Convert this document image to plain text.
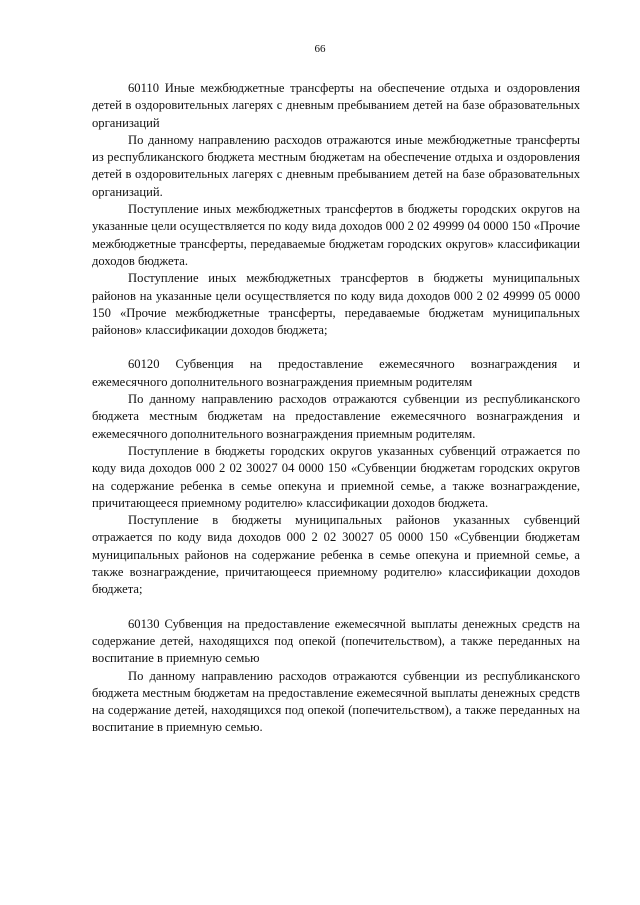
66

60110 Иные межбюджетные трансферты на обеспечение отдыха и оздоровления детей в оздоровительных лагерях с дневным пребыванием детей на базе образовательных организаций

По данному направлению расходов отражаются иные межбюджетные трансферты из республиканского бюджета местным бюджетам на обеспечение отдыха и оздоровления детей в оздоровительных лагерях с дневным пребыванием детей на базе образовательных организаций.

Поступление иных межбюджетных трансфертов в бюджеты городских округов на указанные цели осуществляется по коду вида доходов 000 2 02 49999 04 0000 150 «Прочие межбюджетные трансферты, передаваемые бюджетам городских округов» классификации доходов бюджета.

Поступление иных межбюджетных трансфертов в бюджеты муниципальных районов на указанные цели осуществляется по коду вида доходов 000 2 02 49999 05 0000 150 «Прочие межбюджетные трансферты, передаваемые бюджетам муниципальных районов» классификации доходов бюджета;

60120 Субвенция на предоставление ежемесячного вознаграждения и ежемесячного дополнительного вознаграждения приемным родителям

По данному направлению расходов отражаются субвенции из республиканского бюджета местным бюджетам на предоставление ежемесячного вознаграждения и ежемесячного дополнительного вознаграждения приемным родителям.

Поступление в бюджеты городских округов указанных субвенций отражается по коду вида доходов 000 2 02 30027 04 0000 150 «Субвенции бюджетам городских округов на содержание ребенка в семье опекуна и приемной семье, а также вознаграждение, причитающееся приемному родителю» классификации доходов бюджета.

Поступление в бюджеты муниципальных районов указанных субвенций отражается по коду вида доходов 000 2 02 30027 05 0000 150 «Субвенции бюджетам муниципальных районов на содержание ребенка в семье опекуна и приемной семье, а также вознаграждение, причитающееся приемному родителю» классификации доходов бюджета;

60130 Субвенция на предоставление ежемесячной выплаты денежных средств на содержание детей, находящихся под опекой (попечительством), а также переданных на воспитание в приемную семью

По данному направлению расходов отражаются субвенции из республиканского бюджета местным бюджетам на предоставление ежемесячной выплаты денежных средств на содержание детей, находящихся под опекой (попечительством), а также переданных на воспитание в приемную семью.
